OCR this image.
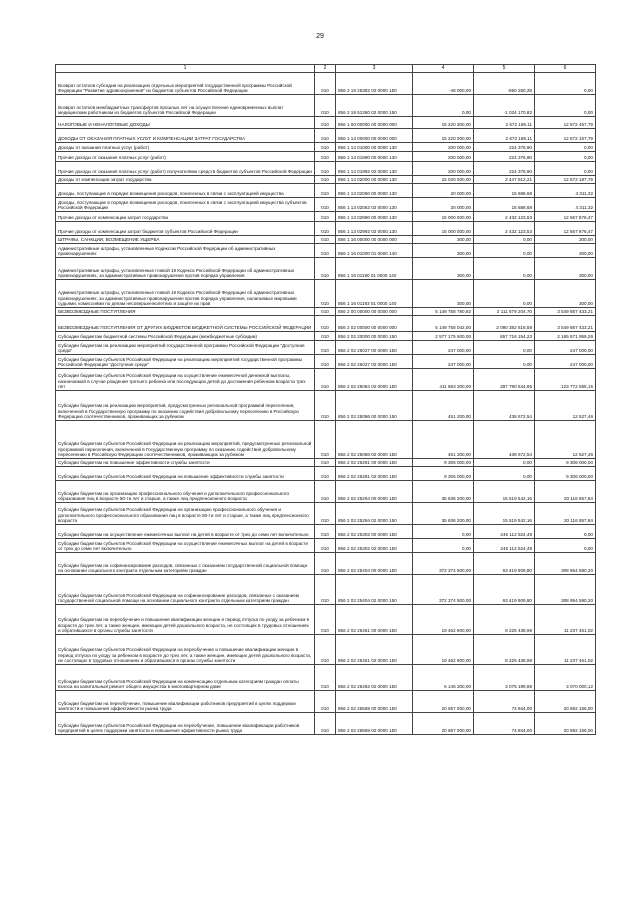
29
1	2	3	4	5	6
Возврат остатков субсидии на реализацию отдельных мероприятий государственной программы Российской Федерации "Развитие здравоохранения" из бюджетов субъектов Российской Федерации	010	856 2 19 25382 02 0000 150	-46 000,00	-590 250,28	0,00
Возврат остатков межбюджетных трансфертов прошлых лет на осуществление единовременных выплат медицинским работникам из бюджетов субъектов Российской Федерации	010	856 2 19 51360 02 0000 150	0,00	-1 034 170,82	0,00
НАЛОГОВЫЕ И НЕНАЛОГОВЫЕ ДОХОДЫ	010	856 1 00 00000 00 0000 000	15 220 300,00	2 672 189,11	12 572 457,79
ДОХОДЫ ОТ ОКАЗАНИЯ ПЛАТНЫХ УСЛУГ И КОМПЕНСАЦИИ ЗАТРАТ ГОСУДАРСТВА	010	856 1 13 00000 00 0000 000	15 220 000,00	2 672 189,11	12 572 157,79
Доходы от оказания платных услуг (работ)	010	856 1 13 01000 00 0000 130	200 000,00	224 376,90	0,00
Прочие доходы от оказания платных услуг (работ)	010	856 1 13 01990 00 0000 130	200 000,00	224 376,90	0,00
Прочие доходы от оказания платных услуг (работ) получателями средств бюджетов субъектов Российской Федерации	010	856 1 13 01992 02 0000 130	200 000,00	224 376,90	0,00
Доходы от компенсации затрат государства	010	856 1 13 02000 00 0000 130	15 020 000,00	2 447 812,21	12 572 187,79
Доходы, поступающие в порядке возмещения расходов, понесенных в связи с эксплуатацией имущества	010	856 1 13 02060 00 0000 130	20 000,00	15 688,68	4 311,32
Доходы, поступающие в порядке возмещения расходов, понесенных в связи с эксплуатацией имущества субъектов Российской Федерации	010	856 1 13 02062 02 0000 130	20 000,00	15 688,68	4 311,32
Прочие доходы от компенсации затрат государства	010	856 1 13 02990 00 0000 130	15 000 000,00	2 432 123,53	12 567 876,47
Прочие доходы от компенсации затрат бюджетов субъектов Российской Федерации	010	856 1 13 02992 02 0000 130	15 000 000,00	2 432 123,53	12 567 876,47
ШТРАФЫ, САНКЦИИ, ВОЗМЕЩЕНИЕ УЩЕРБА	010	856 1 16 00000 00 0000 000	300,00	0,00	300,00
Административные штрафы, установленные Кодексом Российской Федерации об административных правонарушениях	010	856 1 16 01000 01 0000 140	300,00	0,00	300,00
Административные штрафы, установленные главой 19 Кодекса Российской Федерации об административных правонарушениях, за административные правонарушения против порядка управления	010	856 1 16 01190 01 0000 140	300,00	0,00	300,00
Административные штрафы, установленные главой 19 Кодекса Российской Федерации об административных правонарушениях, за административные правонарушения против порядка управления, налагаемые мировыми судьями, комиссиями по делам несовершеннолетних и защите их прав	010	856 1 16 01193 01 0000 140	300,00	0,00	300,00
БЕЗВОЗМЕЗДНЫЕ ПОСТУПЛЕНИЯ	010	856 2 00 00000 00 0000 000	5 149 758 790,92	2 111 679 204,70	3 549 887 433,21
БЕЗВОЗМЕЗДНЫЕ ПОСТУПЛЕНИЯ ОТ ДРУГИХ БЮДЖЕТОВ БЮДЖЕТНОЙ СИСТЕМЫ РОССИЙСКОЙ ФЕДЕРАЦИИ	010	856 2 02 00000 00 0000 000	5 149 758 042,00	2 090 382 618,58	3 549 887 433,21
Субсидии бюджетам бюджетной системы Российской Федерации (межбюджетные субсидии)	010	856 2 02 20000 00 0000 150	2 577 175 600,00	657 716 154,23	2 165 571 959,26
Субсидии бюджетам на реализацию мероприятий государственной программы Российской Федерации "Доступная среда"	010	856 2 02 25027 00 0000 150	247 000,00	0,00	247 000,00
Субсидии бюджетам субъектов Российской Федерации на реализацию мероприятий государственной программы Российской Федерации "Доступная среда"	010	856 2 02 25027 02 0000 150	247 000,00	0,00	247 000,00
Субсидии бюджетам субъектов Российской Федерации на осуществление ежемесячной денежной выплаты, назначаемой в случае рождения третьего ребенка или последующих детей до достижения ребенком возраста трех лет	010	856 2 02 25084 02 0000 150	411 563 200,00	287 790 644,85	123 772 555,15
Субсидии бюджетам на реализацию мероприятий, предусмотренных региональной программой переселения, включенной в Государственную программу по оказанию содействия добровольному переселению в Российскую Федерацию соотечественников, проживающих за рубежом	010	856 2 02 25086 00 0000 150	451 200,00	438 672,54	12 527,46
Субсидии бюджетам субъектов Российской Федерации на реализацию мероприятий, предусмотренных региональной программой переселения, включенной в Государственную программу по оказанию содействия добровольному переселению в Российскую Федерацию соотечественников, проживающих за рубежом	010	856 2 02 25086 02 0000 150	451 200,00	438 672,54	12 527,46
Субсидии бюджетам на повышение эффективности службы занятости	010	856 2 02 25291 00 0000 150	9 306 000,00	0,00	9 306 000,00
Субсидии бюджетам субъектов Российской Федерации на повышение эффективности службы занятости	010	856 2 02 25291 02 0000 150	9 306 000,00	0,00	9 306 000,00
Субсидии бюджетам на организацию профессионального обучения и дополнительного профессионального образования лиц в возрасте 50-ти лет и старше, а также лиц предпенсионного возраста	010	856 2 02 25294 00 0000 150	35 636 200,00	15 519 542,16	20 116 657,84
Субсидии бюджетам субъектов Российской Федерации на организацию профессионального обучения и дополнительного профессионального образования лиц в возрасте 50-ти лет и старше, а также лиц предпенсионного возраста	010	856 2 02 25294 02 0000 150	35 636 200,00	15 519 542,16	20 116 657,84
Субсидии бюджетам на осуществление ежемесячных выплат на детей в возрасте от трех до семи лет включительно	010	856 2 02 25302 00 0000 150	0,00	246 112 524,49	0,00
Субсидии бюджетам субъектов Российской Федерации на осуществление ежемесячных выплат на детей в возрасте от трех до семи лет включительно	010	856 2 02 25302 02 0000 150	0,00	246 112 524,49	0,00
Субсидии бюджетам на софинансирование расходов, связанных с оказанием государственной социальной помощи на основании социального контракта отдельным категориям граждан	010	856 2 02 25404 00 0000 150	372 374 500,00	63 419 909,80	308 954 590,20
Субсидии бюджетам субъектов Российской Федерации на софинансирование расходов, связанных с оказанием государственной социальной помощи на основании социального контракта отдельным категориям граждан	010	856 2 02 25404 02 0000 150	372 374 500,00	63 419 909,80	308 954 590,20
Субсидии бюджетам на переобучение и повышение квалификации женщин в период отпуска по уходу за ребенком в возрасте до трех лет, а также женщин, имеющих детей дошкольного возраста, не состоящих в трудовых отношениях и обратившихся в органы службы занятости	010	856 2 02 25461 00 0000 150	19 462 900,00	8 225 438,98	11 237 461,02
Субсидии бюджетам субъектов Российской Федерации на переобучение и повышение квалификации женщин в период отпуска по уходу за ребенком в возрасте до трех лет, а также женщин, имеющих детей дошкольного возраста, не состоящих в трудовых отношениях и обратившихся в органы службы занятости	010	856 2 02 25461 02 0000 150	19 462 900,00	8 225 438,98	11 237 461,02
Субсидии бюджетам субъектов Российской Федерации на компенсацию отдельным категориям граждан оплаты взноса на капитальный ремонт общего имущества в многоквартирном доме	010	856 2 02 25462 02 0000 150	6 145 200,00	3 075 199,88	3 070 000,12
Субсидии бюджетам на переобучение, повышение квалификации работников предприятий в целях поддержки занятости и повышения эффективности рынка труда	010	856 2 02 25569 00 0000 150	20 667 000,00	74 844,00	20 592 156,00
Субсидии бюджетам субъектов Российской Федерации на переобучение, повышение квалификации работников предприятий в целях поддержки занятости и повышения эффективности рынка труда	010	856 2 02 25569 02 0000 150	20 667 000,00	74 844,00	20 592 156,00
